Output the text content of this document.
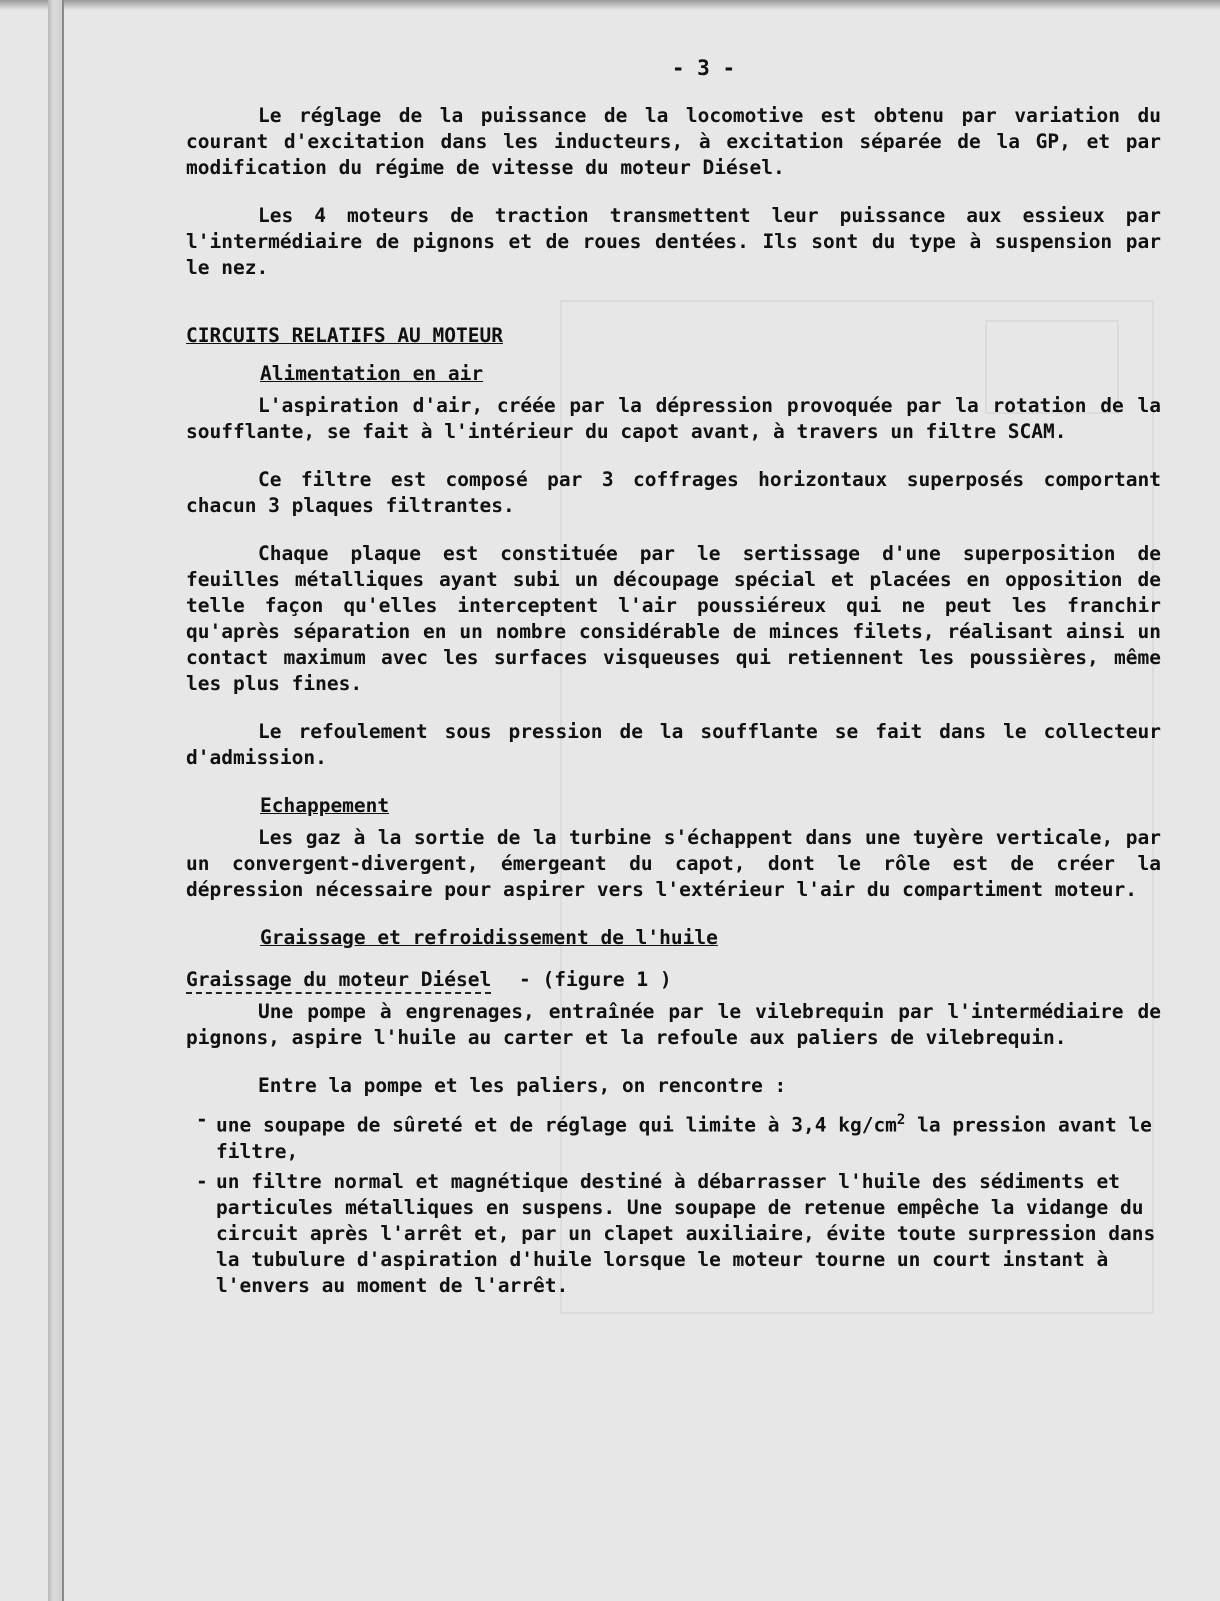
- 3 -

Le réglage de la puissance de la locomotive est obtenu par variation du courant d'excitation dans les inducteurs, à excitation séparée de la GP, et par modification du régime de vitesse du moteur Diésel.

Les 4 moteurs de traction transmettent leur puissance aux essieux par l'intermédiaire de pignons et de roues dentées. Ils sont du type à suspension par le nez.

CIRCUITS RELATIFS AU MOTEUR
Alimentation en air

L'aspiration d'air, créée par la dépression provoquée par la rotation de la soufflante, se fait à l'intérieur du capot avant, à travers un filtre SCAM.

Ce filtre est composé par 3 coffrages horizontaux superposés comportant chacun 3 plaques filtrantes.

Chaque plaque est constituée par le sertissage d'une superposition de feuilles métalliques ayant subi un découpage spécial et placées en opposition de telle façon qu'elles interceptent l'air poussiéreux qui ne peut les franchir qu'après séparation en un nombre considérable de minces filets, réalisant ainsi un contact maximum avec les surfaces visqueuses qui retiennent les poussières, même les plus fines.

Le refoulement sous pression de la soufflante se fait dans le collecteur d'admission.

Echappement

Les gaz à la sortie de la turbine s'échappent dans une tuyère verticale, par un convergent-divergent, émergeant du capot, dont le rôle est de créer la dépression nécessaire pour aspirer vers l'extérieur l'air du compartiment moteur.

Graissage et refroidissement de l'huile
Graissage du moteur Diésel - (figure 1 )

Une pompe à engrenages, entraînée par le vilebrequin par l'intermédiaire de pignons, aspire l'huile au carter et la refoule aux paliers de vilebrequin.

Entre la pompe et les paliers, on rencontre :

- une soupape de sûreté et de réglage qui limite à 3,4 $kg/cm^2$ la pression avant le filtre,
- un filtre normal et magnétique destiné à débarrasser l'huile des sédiments et particules métalliques en suspens. Une soupape de retenue empêche la vidange du circuit après l'arrêt et, par un clapet auxiliaire, évite toute surpression dans la tubulure d'aspiration d'huile lorsque le moteur tourne un court instant à l'envers au moment de l'arrêt.
